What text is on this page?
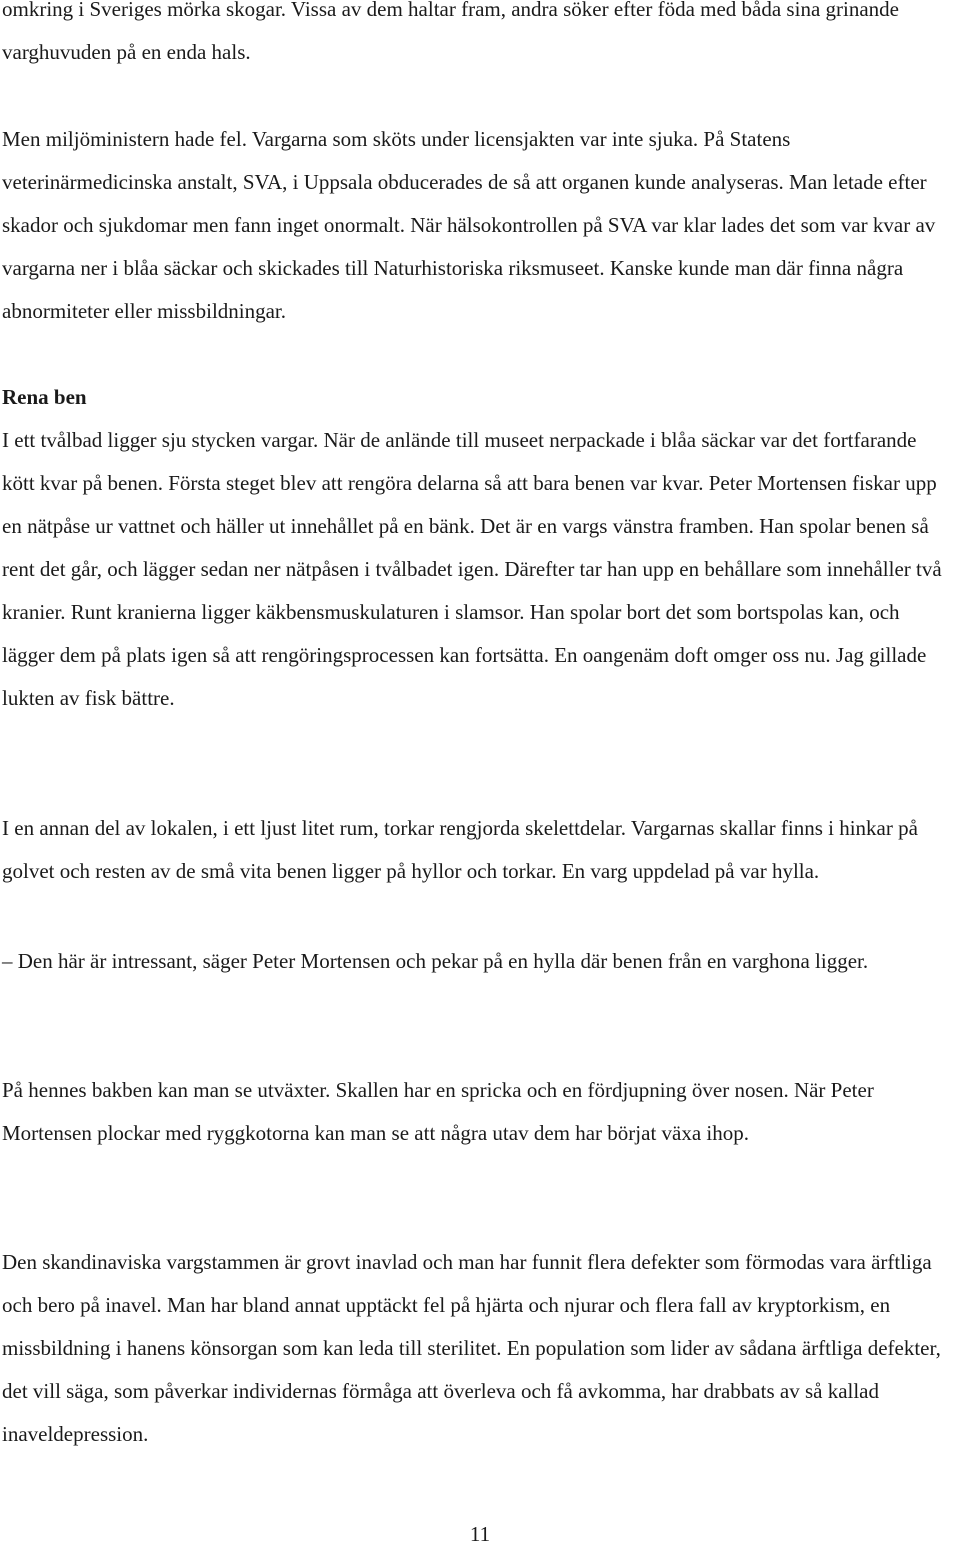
omkring i Sveriges mörka skogar. Vissa av dem haltar fram, andra söker efter föda med båda sina grinande varghuvuden på en enda hals.

Men miljöministern hade fel. Vargarna som sköts under licensjakten var inte sjuka. På Statens veterinärmedicinska anstalt, SVA, i Uppsala obducerades de så att organen kunde analyseras. Man letade efter skador och sjukdomar men fann inget onormalt. När hälsokontrollen på SVA var klar lades det som var kvar av vargarna ner i blåa säckar och skickades till Naturhistoriska riksmuseet. Kanske kunde man där finna några abnormiteter eller missbildningar.

Rena ben

I ett tvålbad ligger sju stycken vargar. När de anlände till museet nerpackade i blåa säckar var det fortfarande kött kvar på benen. Första steget blev att rengöra delarna så att bara benen var kvar. Peter Mortensen fiskar upp en nätpåse ur vattnet och häller ut innehållet på en bänk. Det är en vargs vänstra framben. Han spolar benen så rent det går, och lägger sedan ner nätpåsen i tvålbadet igen. Därefter tar han upp en behållare som innehåller två kranier. Runt kranierna ligger käkbensmuskulaturen i slamsor. Han spolar bort det som bortspolas kan, och lägger dem på plats igen så att rengöringsprocessen kan fortsätta. En oangenäm doft omger oss nu. Jag gillade lukten av fisk bättre.

I en annan del av lokalen, i ett ljust litet rum, torkar rengjorda skelettdelar. Vargarnas skallar finns i hinkar på golvet och resten av de små vita benen ligger på hyllor och torkar. En varg uppdelad på var hylla.

– Den här är intressant, säger Peter Mortensen och pekar på en hylla där benen från en varghona ligger.

På hennes bakben kan man se utväxter. Skallen har en spricka och en fördjupning över nosen. När Peter Mortensen plockar med ryggkotorna kan man se att några utav dem har börjat växa ihop.

Den skandinaviska vargstammen är grovt inavlad och man har funnit flera defekter som förmodas vara ärftliga och bero på inavel. Man har bland annat upptäckt fel på hjärta och njurar och flera fall av kryptorkism, en missbildning i hanens könsorgan som kan leda till sterilitet. En population som lider av sådana ärftliga defekter, det vill säga, som påverkar individernas förmåga att överleva och få avkomma, har drabbats av så kallad inaveldepression.

11
